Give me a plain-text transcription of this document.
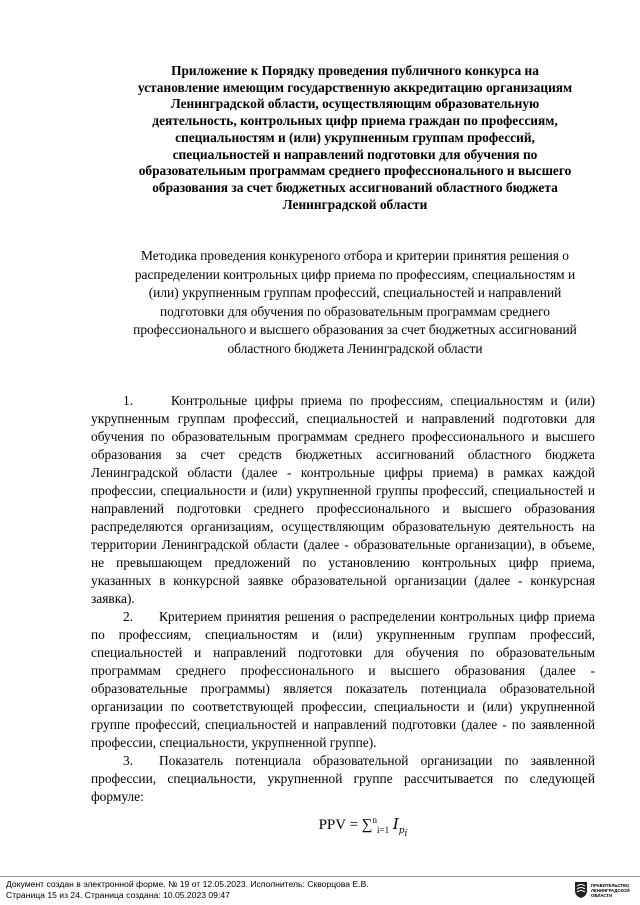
Приложение к Порядку проведения публичного конкурса на установление имеющим государственную аккредитацию организациям Ленинградской области, осуществляющим образовательную деятельность, контрольных цифр приема граждан по профессиям, специальностям и (или) укрупненным группам профессий, специальностей и направлений подготовки для обучения по образовательным программам среднего профессионального и высшего образования за счет бюджетных ассигнований областного бюджета Ленинградской области
Методика проведения конкуреного отбора и критерии принятия решения о распределении контрольных цифр приема по профессиям, специальностям и (или) укрупненным группам профессий, специальностей и направлений подготовки для обучения по образовательным программам среднего профессионального и высшего образования за счет бюджетных ассигнований областного бюджета Ленинградской области

1.	Контрольные цифры приема по профессиям, специальностям и (или) укрупненным группам профессий, специальностей и направлений подготовки для обучения по образовательным программам среднего профессионального и высшего образования за счет средств бюджетных ассигнований областного бюджета Ленинградской области (далее - контрольные цифры приема) в рамках каждой профессии, специальности и (или) укрупненной группы профессий, специальностей и направлений подготовки среднего профессионального и высшего образования распределяются организациям, осуществляющим образовательную деятельность на территории Ленинградской области (далее - образовательные организации), в объеме, не превышающем предложений по установлению контрольных цифр приема, указанных в конкурсной заявке образовательной организации (далее - конкурсная заявка).

2. Критерием принятия решения о распределении контрольных цифр приема по профессиям, специальностям и (или) укрупненным группам профессий, специальностей и направлений подготовки для обучения по образовательным программам среднего профессионального и высшего образования (далее - образовательные программы) является показатель потенциала образовательной организации по соответствующей профессии, специальности и (или) укрупненной группе профессий, специальностей и направлений подготовки (далее - по заявленной профессии, специальности, укрупненной группе).

3. Показатель потенциала образовательной организации по заявленной профессии, специальности, укрупненной группе рассчитывается по следующей формуле:

PPV = ∑$^n_{i=1}$ $I_{p_i}$
Документ создан в электронной форме. № 19 от 12.05.2023. Исполнитель: Скворцова Е.В.
Страница 15 из 24. Страница создана: 10.05.2023 09:47
ПРАВИТЕЛЬСТВО
ЛЕНИНГРАДСКОЙ
ОБЛАСТИ
